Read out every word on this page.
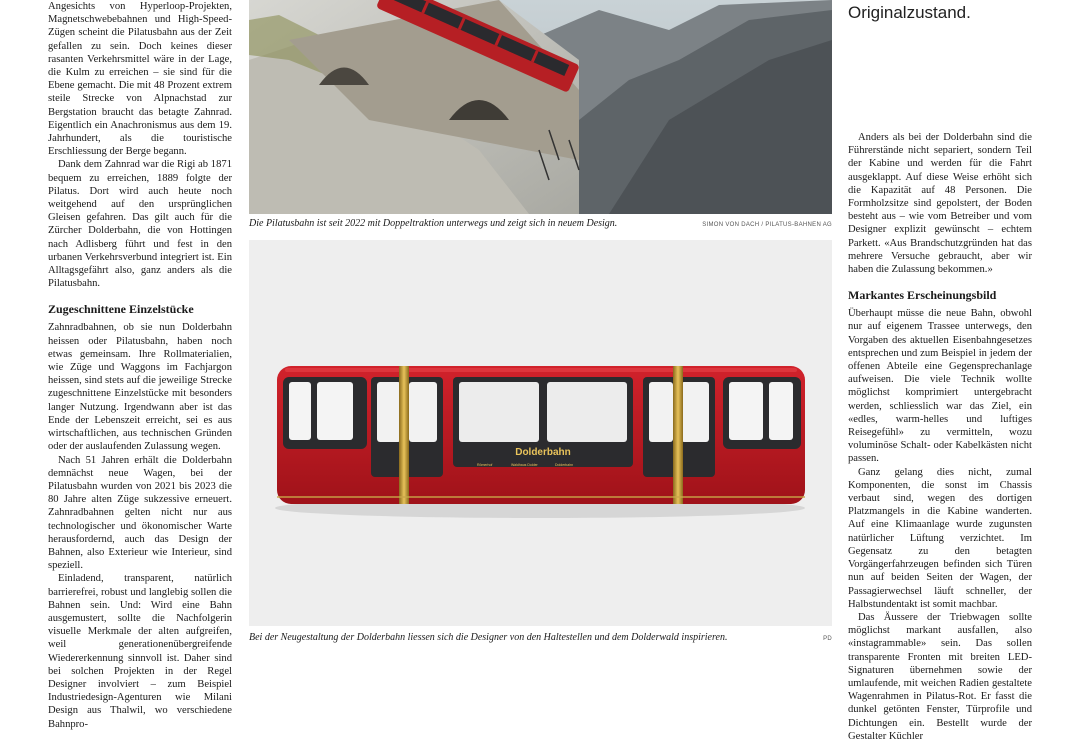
Angesichts von Hyperloop-Projekten, Magnetschwebebahnen und High-Speed-Zügen scheint die Pilatusbahn aus der Zeit gefallen zu sein. Doch keines dieser rasanten Verkehrsmittel wäre in der Lage, die Kulm zu erreichen – sie sind für die Ebene gemacht. Die mit 48 Prozent extrem steile Strecke von Alpnachstad zur Bergstation braucht das betagte Zahnrad. Eigentlich ein Anachronismus aus dem 19. Jahrhundert, als die touristische Erschliessung der Berge begann.

Dank dem Zahnrad war die Rigi ab 1871 bequem zu erreichen, 1889 folgte der Pilatus. Dort wird auch heute noch weitgehend auf den ursprünglichen Gleisen gefahren. Das gilt auch für die Zürcher Dolderbahn, die von Hottingen nach Adlisberg führt und fest in den urbanen Verkehrsverbund integriert ist. Ein Alltagsgefährt also, ganz anders als die Pilatusbahn.

Zugeschnittene Einzelstücke

Zahnradbahnen, ob sie nun Dolderbahn heissen oder Pilatusbahn, haben noch etwas gemeinsam. Ihre Rollmaterialien, wie Züge und Waggons im Fachjargon heissen, sind stets auf die jeweilige Strecke zugeschnittene Einzelstücke mit besonders langer Nutzung. Irgendwann aber ist das Ende der Lebenszeit erreicht, sei es aus wirtschaftlichen, aus technischen Gründen oder der auslaufenden Zulassung wegen.

Nach 51 Jahren erhält die Dolderbahn demnächst neue Wagen, bei der Pilatusbahn wurden von 2021 bis 2023 die 80 Jahre alten Züge sukzessive erneuert. Zahnradbahnen gelten nicht nur aus technologischer und ökonomischer Warte herausfordernd, auch das Design der Bahnen, also Exterieur wie Interieur, sind speziell.

Einladend, transparent, natürlich barrierefrei, robust und langlebig sollen die Bahnen sein. Und: Wird eine Bahn ausgemustert, sollte die Nachfolgerin visuelle Merkmale der alten aufgreifen, weil generationenübergreifende Wiedererkennung sinnvoll ist. Daher sind bei solchen Projekten in der Regel Designer involviert – zum Beispiel Industriedesign-Agenturen wie Milani Design aus Thalwil, wo verschiedene Bahnpro-

Die Pilatusbahn ist seit 2022 mit Doppeltraktion unterwegs und zeigt sich in neuem Design.	SIMON VON DACH / PILATUS-BAHNEN AG
Dolderbahn
Römerhof	Waldhaus Dolder	Dolderbahn
Bei der Neugestaltung der Dolderbahn liessen sich die Designer von den Haltestellen und dem Dolderwald inspirieren.	PD
Originalzustand.

Anders als bei der Dolderbahn sind die Führerstände nicht separiert, sondern Teil der Kabine und werden für die Fahrt ausgeklappt. Auf diese Weise erhöht sich die Kapazität auf 48 Personen. Die Formholzsitze sind gepolstert, der Boden besteht aus – wie vom Betreiber und vom Designer explizit gewünscht – echtem Parkett. «Aus Brandschutzgründen hat das mehrere Versuche gebraucht, aber wir haben die Zulassung bekommen.»

Markantes Erscheinungsbild

Überhaupt müsse die neue Bahn, obwohl nur auf eigenem Trassee unterwegs, den Vorgaben des aktuellen Eisenbahngesetzes entsprechen und zum Beispiel in jedem der offenen Abteile eine Gegensprechanlage aufweisen. Die viele Technik wollte möglichst komprimiert untergebracht werden, schliesslich war das Ziel, ein «edles, warm-helles und luftiges Reisegefühl» zu vermitteln, wozu voluminöse Schalt- oder Kabelkästen nicht passen.

Ganz gelang dies nicht, zumal Komponenten, die sonst im Chassis verbaut sind, wegen des dortigen Platzmangels in die Kabine wanderten. Auf eine Klimaanlage wurde zugunsten natürlicher Lüftung verzichtet. Im Gegensatz zu den betagten Vorgängerfahrzeugen befinden sich Türen nun auf beiden Seiten der Wagen, der Passagierwechsel läuft schneller, der Halbstundentakt ist somit machbar.

Das Äussere der Triebwagen sollte möglichst markant ausfallen, also «instagrammable» sein. Das sollen transparente Fronten mit breiten LED-Signaturen übernehmen sowie der umlaufende, mit weichen Radien gestaltete Wagenrahmen in Pilatus-Rot. Er fasst die dunkel getönten Fenster, Türprofile und Dichtungen ein. Bestellt wurde der Gestalter Küchler
